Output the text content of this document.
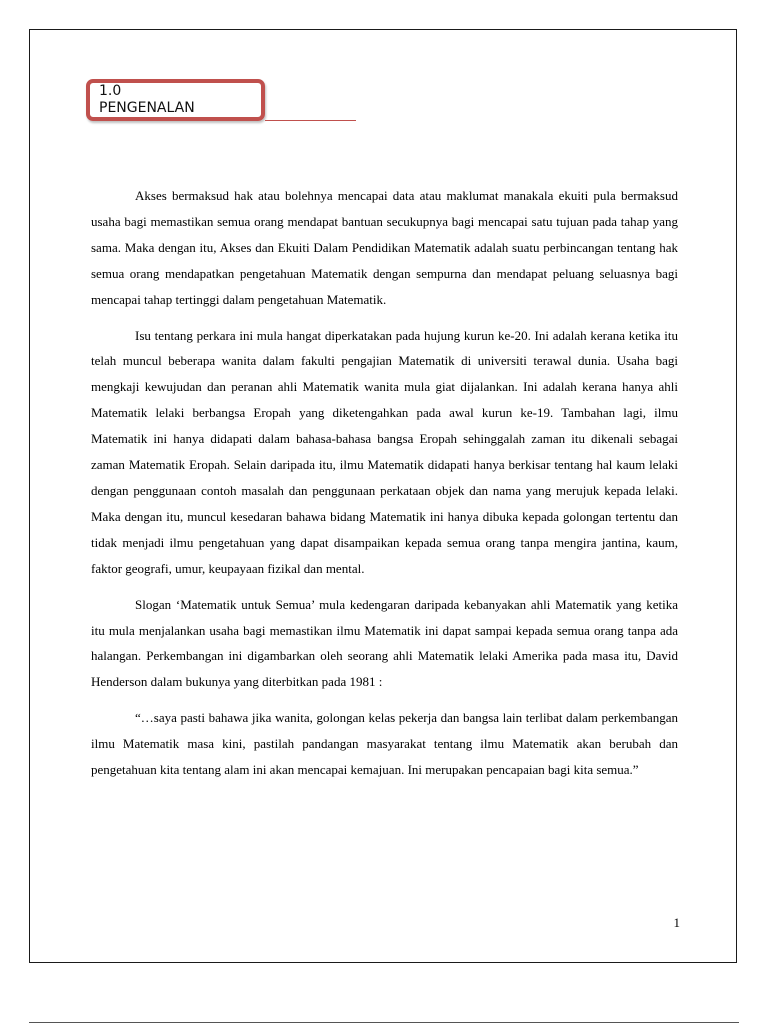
1.0
PENGENALAN

Akses bermaksud hak atau bolehnya mencapai data atau maklumat manakala ekuiti pula bermaksud usaha bagi memastikan semua orang mendapat bantuan secukupnya bagi mencapai satu tujuan pada tahap yang sama. Maka dengan itu, Akses dan Ekuiti Dalam Pendidikan Matematik adalah suatu perbincangan tentang hak semua orang mendapatkan pengetahuan Matematik dengan sempurna dan mendapat peluang seluasnya bagi mencapai tahap tertinggi dalam pengetahuan Matematik.

Isu tentang perkara ini mula hangat diperkatakan pada hujung kurun ke-20. Ini adalah kerana ketika itu telah muncul beberapa wanita dalam fakulti pengajian Matematik di universiti terawal dunia. Usaha bagi mengkaji kewujudan dan peranan ahli Matematik wanita mula giat dijalankan. Ini adalah kerana hanya ahli Matematik lelaki berbangsa Eropah yang diketengahkan pada awal kurun ke-19. Tambahan lagi, ilmu Matematik ini hanya didapati dalam bahasa-bahasa bangsa Eropah sehinggalah zaman itu dikenali sebagai zaman Matematik Eropah. Selain daripada itu, ilmu Matematik didapati hanya berkisar tentang hal kaum lelaki dengan penggunaan contoh masalah dan penggunaan perkataan objek dan nama yang merujuk kepada lelaki. Maka dengan itu, muncul kesedaran bahawa bidang Matematik ini hanya dibuka kepada golongan tertentu dan tidak menjadi ilmu pengetahuan yang dapat disampaikan kepada semua orang tanpa mengira jantina, kaum, faktor geografi, umur, keupayaan fizikal dan mental.

Slogan ‘Matematik untuk Semua’ mula kedengaran daripada kebanyakan ahli Matematik yang ketika itu mula menjalankan usaha bagi memastikan ilmu Matematik ini dapat sampai kepada semua orang tanpa ada halangan. Perkembangan ini digambarkan oleh seorang ahli Matematik lelaki Amerika pada masa itu, David Henderson dalam bukunya yang diterbitkan pada 1981 :

“…saya pasti bahawa jika wanita, golongan kelas pekerja dan bangsa lain terlibat dalam perkembangan ilmu Matematik masa kini, pastilah pandangan masyarakat tentang ilmu Matematik akan berubah dan pengetahuan kita tentang alam ini akan mencapai kemajuan. Ini merupakan pencapaian bagi kita semua.”

1
